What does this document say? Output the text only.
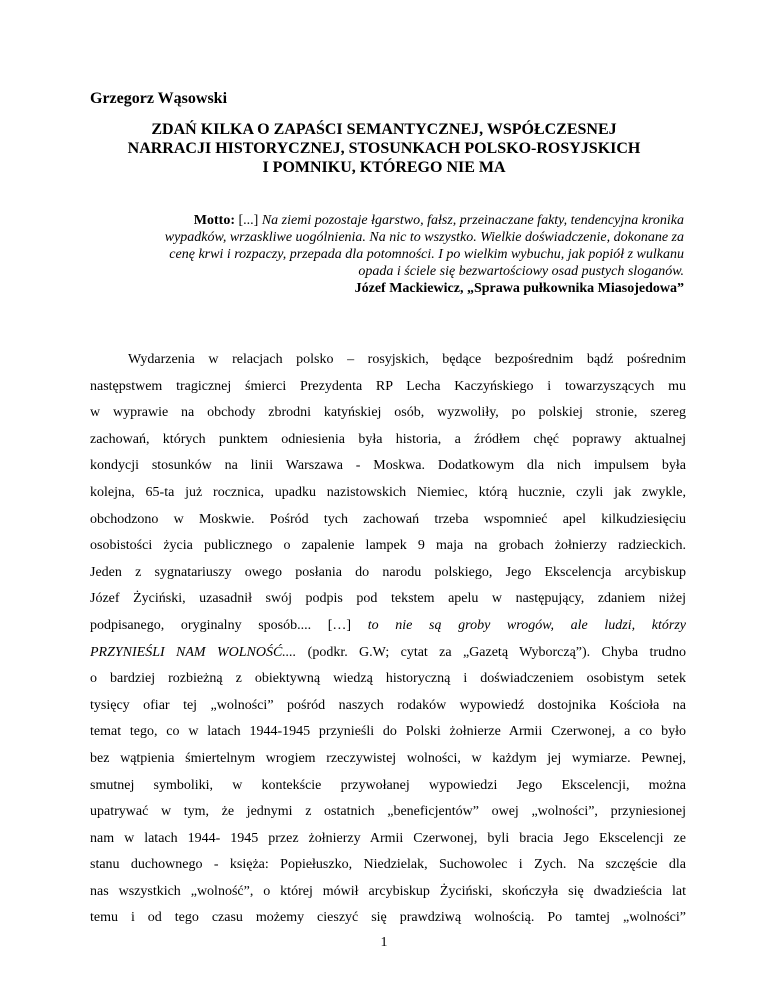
Grzegorz Wąsowski
ZDAŃ KILKA O ZAPAŚCI SEMANTYCZNEJ, WSPÓŁCZESNEJ
NARRACJI HISTORYCZNEJ, STOSUNKACH POLSKO-ROSYJSKICH
I POMNIKU, KTÓREGO NIE MA
Motto: [...] Na ziemi pozostaje łgarstwo, fałsz, przeinaczane fakty, tendencyjna kronika
wypadków, wrzaskliwe uogólnienia. Na nic to wszystko. Wielkie doświadczenie, dokonane za
cenę krwi i rozpaczy, przepada dla potomności. I po wielkim wybuchu, jak popiół z wulkanu
opada i ściele się bezwartościowy osad pustych sloganów.
Józef Mackiewicz, „Sprawa pułkownika Miasojedowa”
Wydarzenia w relacjach polsko – rosyjskich, będące bezpośrednim bądź pośrednim
następstwem tragicznej śmierci Prezydenta RP Lecha Kaczyńskiego i towarzyszących mu
w wyprawie na obchody zbrodni katyńskiej osób, wyzwoliły, po polskiej stronie, szereg
zachowań, których punktem odniesienia była historia, a źródłem chęć poprawy aktualnej
kondycji stosunków na linii Warszawa - Moskwa. Dodatkowym dla nich impulsem była
kolejna, 65-ta już rocznica, upadku nazistowskich Niemiec, którą hucznie, czyli jak zwykle,
obchodzono w Moskwie. Pośród tych zachowań trzeba wspomnieć apel kilkudziesięciu
osobistości życia publicznego o zapalenie lampek 9 maja na grobach żołnierzy radzieckich.
Jeden z sygnatariuszy owego posłania do narodu polskiego, Jego Ekscelencja arcybiskup
Józef Życiński, uzasadnił swój podpis pod tekstem apelu w następujący, zdaniem niżej
podpisanego, oryginalny sposób.... […] to nie są groby wrogów, ale ludzi, którzy
PRZYNIEŚLI NAM WOLNOŚĆ.... (podkr. G.W; cytat za „Gazetą Wyborczą”). Chyba trudno
o bardziej rozbieżną z obiektywną wiedzą historyczną i doświadczeniem osobistym setek
tysięcy ofiar tej „wolności” pośród naszych rodaków wypowiedź dostojnika Kościoła na
temat tego, co w latach 1944-1945 przynieśli do Polski żołnierze Armii Czerwonej, a co było
bez wątpienia śmiertelnym wrogiem rzeczywistej wolności, w każdym jej wymiarze. Pewnej,
smutnej symboliki, w kontekście przywołanej wypowiedzi Jego Ekscelencji, można
upatrywać w tym, że jednymi z ostatnich „beneficjentów” owej „wolności”, przyniesionej
nam w latach 1944- 1945 przez żołnierzy Armii Czerwonej, byli bracia Jego Ekscelencji ze
stanu duchownego - księża: Popiełuszko, Niedzielak, Suchowolec i Zych. Na szczęście dla
nas wszystkich „wolność”, o której mówił arcybiskup Życiński, skończyła się dwadzieścia lat
temu i od tego czasu możemy cieszyć się prawdziwą wolnością. Po tamtej „wolności”
1
